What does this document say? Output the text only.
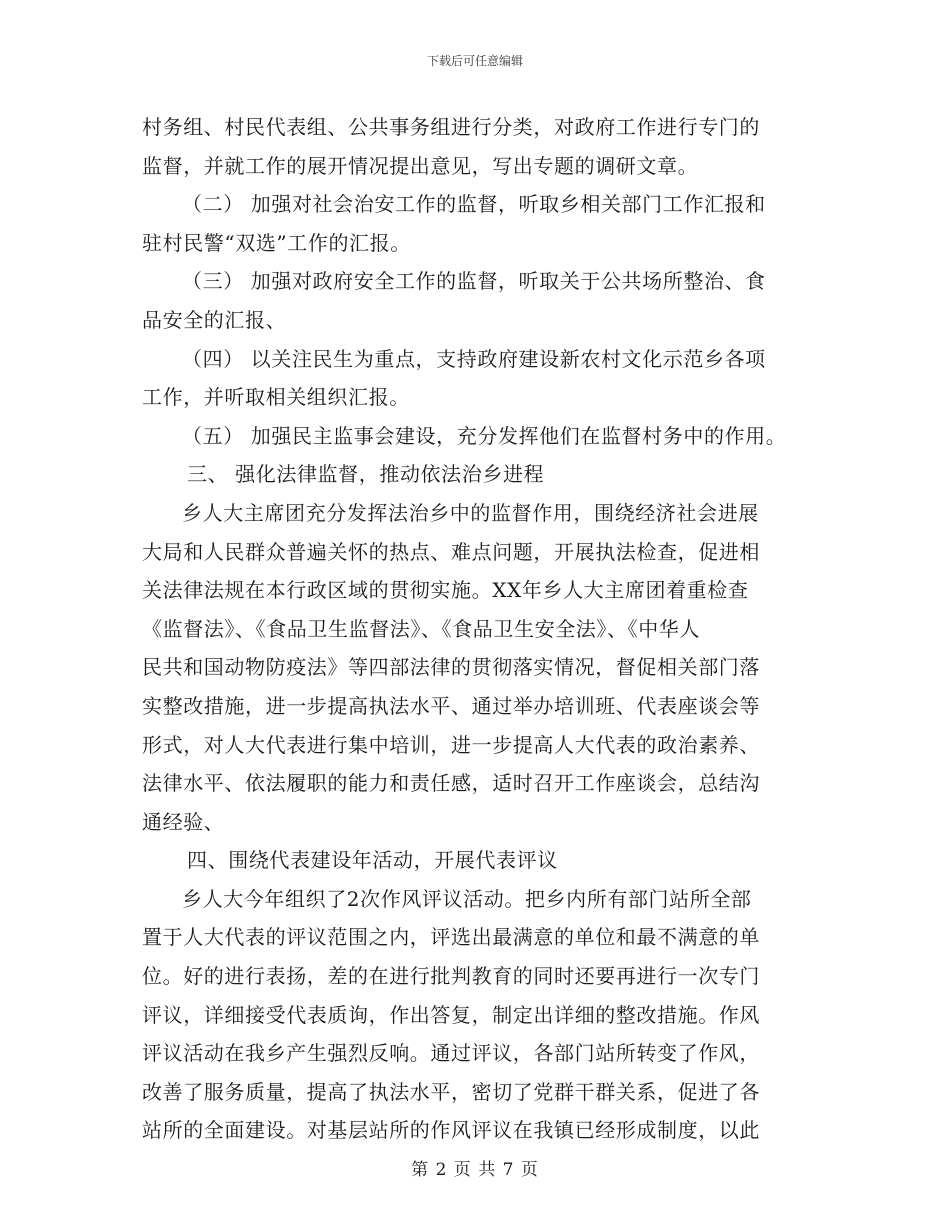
下载后可任意编辑
村务组、村民代表组、公共事务组进行分类，对政府工作进行专门的
监督，并就工作的展开情况提出意见，写出专题的调研文章。
（二） 加强对社会治安工作的监督，听取乡相关部门工作汇报和
驻村民警“双选”工作的汇报。
（三） 加强对政府安全工作的监督，听取关于公共场所整治、食
品安全的汇报、
（四） 以关注民生为重点，支持政府建设新农村文化示范乡各项
工作，并听取相关组织汇报。
（五） 加强民主监事会建设，充分发挥他们在监督村务中的作用。
三、 强化法律监督，推动依法治乡进程
乡人大主席团充分发挥法治乡中的监督作用，围绕经济社会进展
大局和人民群众普遍关怀的热点、难点问题，开展执法检查，促进相
关法律法规在本行政区域的贯彻实施。XX年乡人大主席团着重检查
《监督法》、《食品卫生监督法》、《食品卫生安全法》、《中华人
民共和国动物防疫法》等四部法律的贯彻落实情况，督促相关部门落
实整改措施，进一步提高执法水平、通过举办培训班、代表座谈会等
形式，对人大代表进行集中培训，进一步提高人大代表的政治素养、
法律水平、依法履职的能力和责任感，适时召开工作座谈会，总结沟
通经验、
四、围绕代表建设年活动，开展代表评议
乡人大今年组织了2次作风评议活动。把乡内所有部门站所全部
置于人大代表的评议范围之内，评选出最满意的单位和最不满意的单
位。好的进行表扬，差的在进行批判教育的同时还要再进行一次专门
评议，详细接受代表质询，作出答复，制定出详细的整改措施。作风
评议活动在我乡产生强烈反响。通过评议，各部门站所转变了作风，
改善了服务质量，提高了执法水平，密切了党群干群关系，促进了各
站所的全面建设。对基层站所的作风评议在我镇已经形成制度，以此
第 2 页 共 7 页
